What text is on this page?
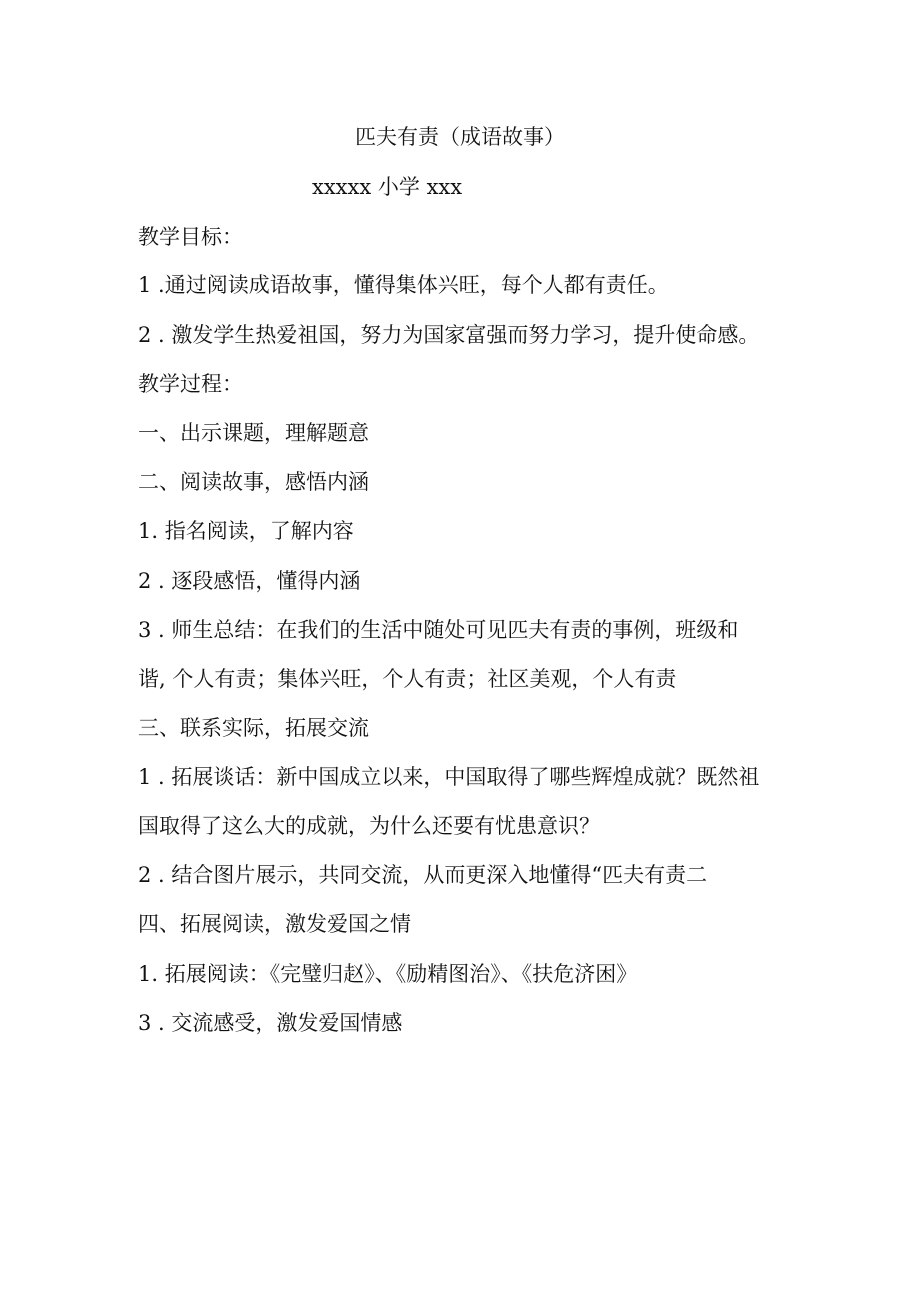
匹夫有责（成语故事）
xxxxx 小学 xxx
教学目标：
1 .通过阅读成语故事，懂得集体兴旺，每个人都有责任。
2 . 激发学生热爱祖国，努力为国家富强而努力学习，提升使命感。
教学过程：
一、出示课题，理解题意
二、阅读故事，感悟内涵
1. 指名阅读，了解内容
2 . 逐段感悟，懂得内涵
3 . 师生总结：在我们的生活中随处可见匹夫有责的事例，班级和
谐, 个人有责；集体兴旺，个人有责；社区美观，个人有责
三、联系实际，拓展交流
1 . 拓展谈话：新中国成立以来，中国取得了哪些辉煌成就？既然祖
国取得了这么大的成就，为什么还要有忧患意识？
2 . 结合图片展示，共同交流，从而更深入地懂得“匹夫有责二
四、拓展阅读，激发爱国之情
1. 拓展阅读：《完璧归赵》、《励精图治》、《扶危济困》
3 . 交流感受，激发爱国情感
